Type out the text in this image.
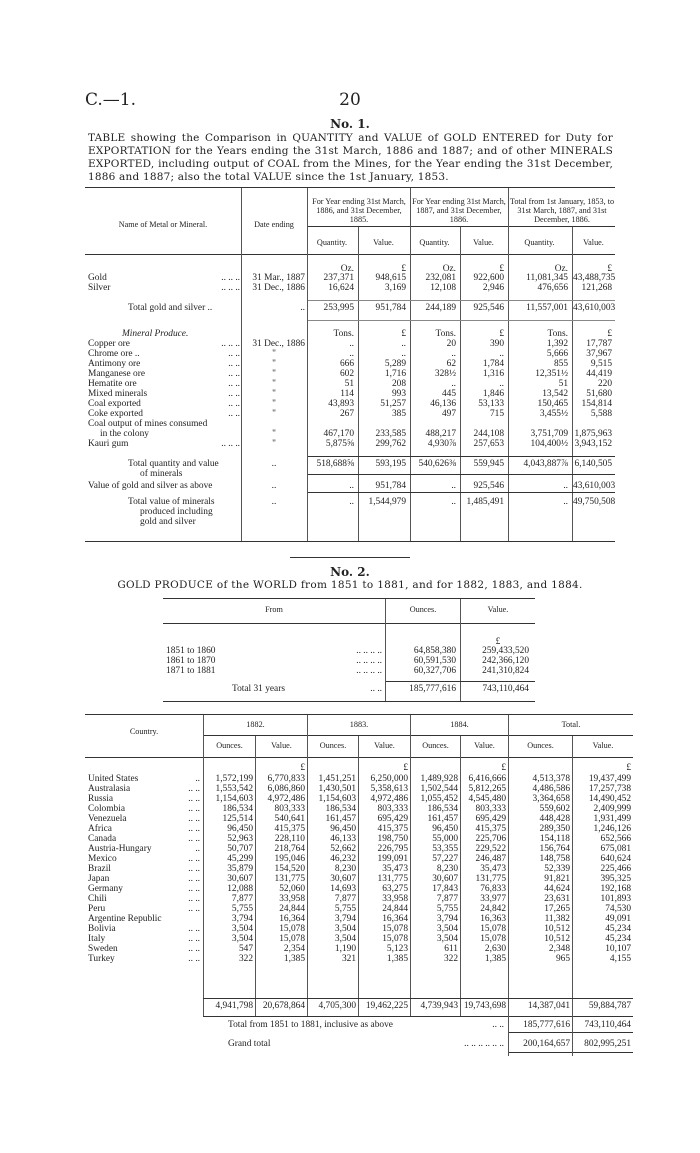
C.—1.	20
No. 1.
TABLE showing the Comparison in QUANTITY and VALUE of GOLD ENTERED for Duty for EXPORTATION for the Years ending the 31st March, 1886 and 1887; and of other MINERALS EXPORTED, including output of COAL from the Mines, for the Year ending the 31st December, 1886 and 1887; also the total VALUE since the 1st January, 1853.
Name of Metal or Mineral.	Date ending
For Year ending 31st March, 1886, and 31st December, 1885.
For Year ending 31st March, 1887, and 31st December, 1886.
Total from 1st January, 1853, to 31st March, 1887, and 31st December, 1886.
Quantity.	Value.	Quantity.	Value.	Quantity.	Value.
Oz.	£	Oz.	£	Oz.	£
Gold	.. .. ..	31 Mar., 1887	237,371	948,615	232,081	922,600	11,081,345 43,488,735
Silver	.. .. ..	31 Dec., 1886	16,624	3,169	12,108	2,946	476,656	121,268
Total gold and silver ..	..	253,995	951,784	244,189	925,546	11,557,001 43,610,003
Mineral Produce.	Tons.	£	Tons.	£	Tons.	£
Copper ore	.. .. ..	31 Dec., 1886	..	..	20	390	1,392	17,787
Chrome ore ..	.. ..	"	..	..	..	..	5,666	37,967
Antimony ore	.. ..	"	666	5,289	62	1,784	855	9,515
Manganese ore	.. ..	"	602	1,716	328½	1,316	12,351½	44,419
Hematite ore	.. ..	"	51	208	..	..	51	220
Mixed minerals	.. ..	"	114	993	445	1,846	13,542	51,680
Coal exported	.. ..	"	43,893	51,257	46,136	53,133	150,465	154,814
Coke exported	.. ..	"	267	385	497	715	3,455½	5,588
Coal output of mines consumed
in the colony	"	467,170	233,585	488,217	244,108	3,751,709 1,875,963
Kauri gum	.. .. ..	"	5,875⅝	299,762	4,930⅞	257,653	104,400½ 3,943,152
Total quantity and value
of minerals
..	518,688⅝	593,195	540,626⅜	559,945	4,043,887⅞ 6,140,505
Value of gold and silver as above	..	..	951,784	..	925,546	.. 43,610,003
Total value of minerals
produced including
gold and silver
..	..	1,544,979	..	1,485,491	.. 49,750,508
No. 2.
GOLD PRODUCE of the WORLD from 1851 to 1881, and for 1882, 1883, and 1884.
From	Ounces.	Value.
£
1851 to 1860	.. .. .. ..	64,858,380	259,433,520
1861 to 1870	.. .. .. ..	60,591,530	242,366,120
1871 to 1881	.. .. .. ..	60,327,706	241,310,824
Total 31 years	.. ..	185,777,616	743,110,464
Country.
1882.	1883.	1884.	Total.
Ounces.	Value.	Ounces.	Value.	Ounces.	Value.	Ounces.	Value.
£	£	£	£
United States	..	1,572,199	6,770,833	1,451,251	6,250,000	1,489,928	6,416,666	4,513,378	19,437,499
Australasia	.. ..	1,553,542	6,086,860	1,430,501	5,358,613	1,502,544	5,812,265	4,486,586	17,257,738
Russia	.. ..	1,154,603	4,972,486	1,154,603	4,972,486	1,055,452	4,545,480	3,364,658	14,490,452
Colombia	.. ..	186,534	803,333	186,534	803,333	186,534	803,333	559,602	2,409,999
Venezuela	.. ..	125,514	540,641	161,457	695,429	161,457	695,429	448,428	1,931,499
Africa	.. ..	96,450	415,375	96,450	415,375	96,450	415,375	289,350	1,246,126
Canada	.. ..	52,963	228,110	46,133	198,750	55,000	225,706	154,118	652,566
Austria-Hungary	..	50,707	218,764	52,662	226,795	53,355	229,522	156,764	675,081
Mexico	.. ..	45,299	195,046	46,232	199,091	57,227	246,487	148,758	640,624
Brazil	.. ..	35,879	154,520	8,230	35,473	8,230	35,473	52,339	225,466
Japan	.. ..	30,607	131,775	30,607	131,775	30,607	131,775	91,821	395,325
Germany	.. ..	12,088	52,060	14,693	63,275	17,843	76,833	44,624	192,168
Chili	.. ..	7,877	33,958	7,877	33,958	7,877	33,977	23,631	101,893
Peru	.. ..	5,755	24,844	5,755	24,844	5,755	24,842	17,265	74,530
Argentine Republic	3,794	16,364	3,794	16,364	3,794	16,363	11,382	49,091
Bolivia	.. ..	3,504	15,078	3,504	15,078	3,504	15,078	10,512	45,234
Italy	.. ..	3,504	15,078	3,504	15,078	3,504	15,078	10,512	45,234
Sweden	.. ..	547	2,354	1,190	5,123	611	2,630	2,348	10,107
Turkey	.. ..	322	1,385	321	1,385	322	1,385	965	4,155
4,941,798	20,678,864	4,705,300	19,462,225	4,739,943 19,743,698	14,387,041	59,884,787
Total from 1851 to 1881, inclusive as above	.. ..	185,777,616	743,110,464
Grand total	.. .. .. .. .. ..	200,164,657	802,995,251
